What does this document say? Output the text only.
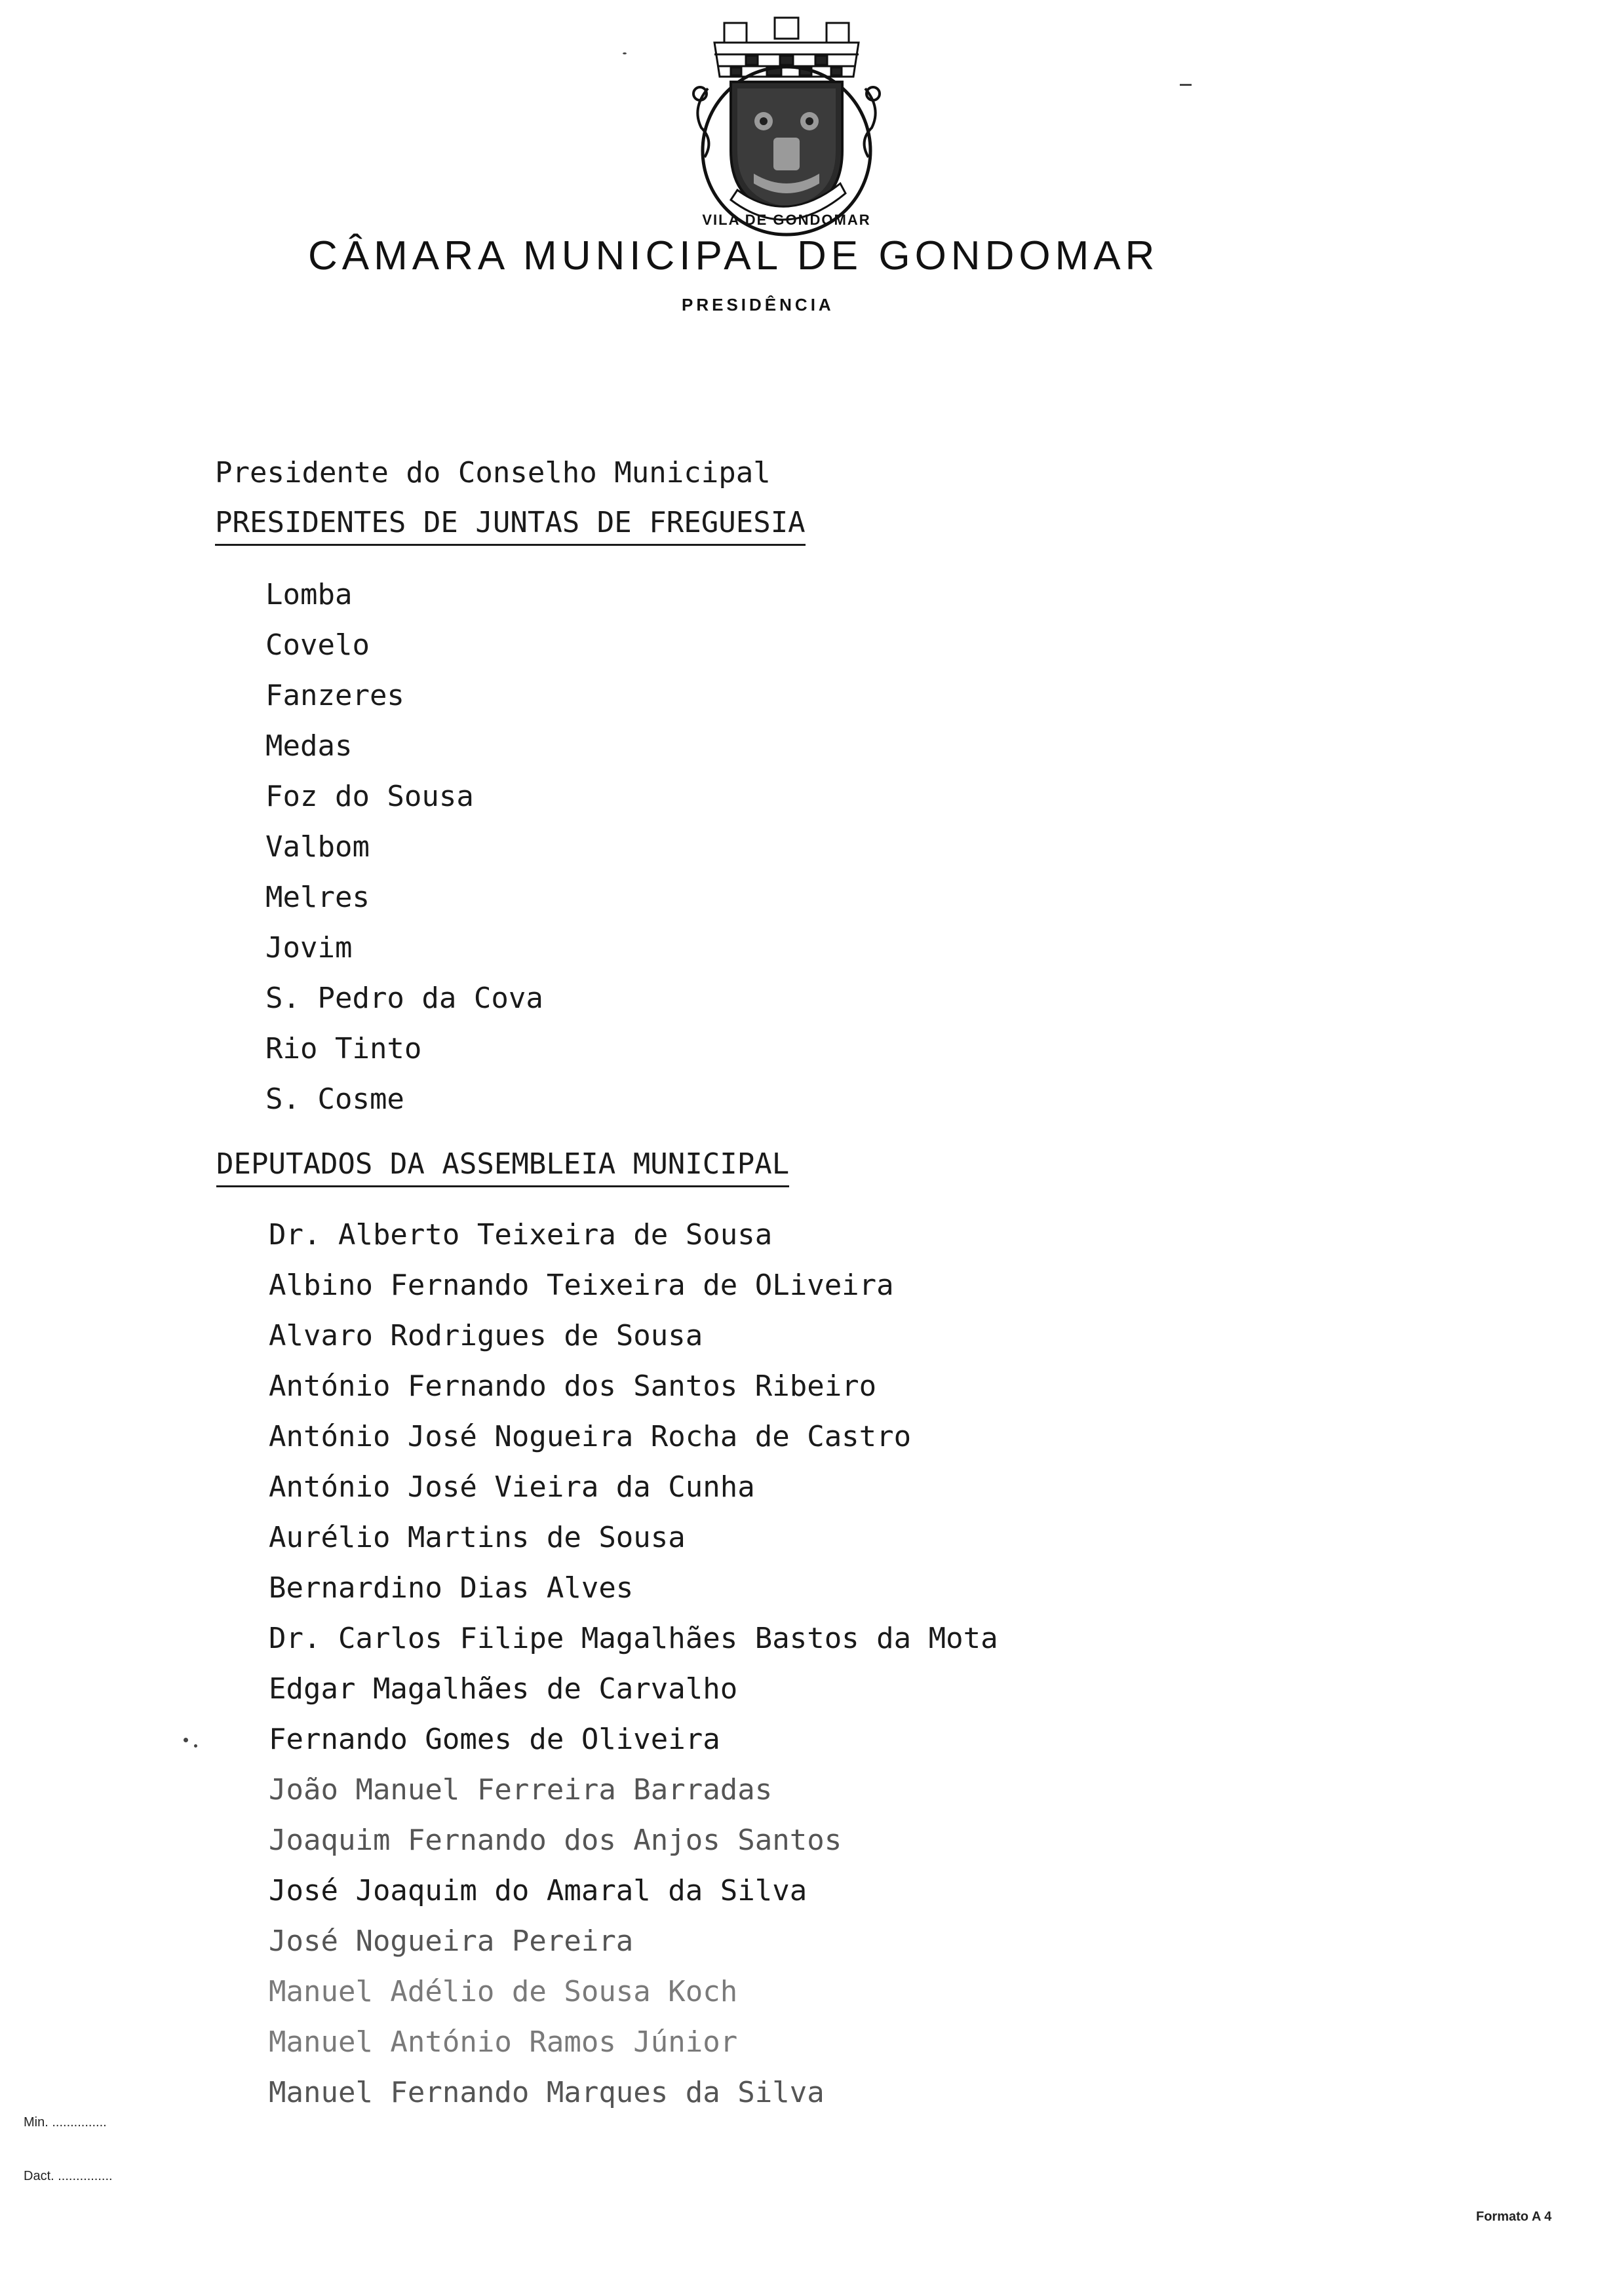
VILA DE GONDOMAR
CÂMARA MUNICIPAL DE GONDOMAR
PRESIDÊNCIA
Presidente do Conselho Municipal
PRESIDENTES DE JUNTAS DE FREGUESIA
Lomba
Covelo
Fanzeres
Medas
Foz do Sousa
Valbom
Melres
Jovim
S. Pedro da Cova
Rio Tinto
S. Cosme
DEPUTADOS DA ASSEMBLEIA MUNICIPAL
Dr. Alberto Teixeira de Sousa
Albino Fernando Teixeira de OLiveira
Alvaro Rodrigues de Sousa
António Fernando dos Santos Ribeiro
António José Nogueira Rocha de Castro
António José Vieira da Cunha
Aurélio Martins de Sousa
Bernardino Dias Alves
Dr. Carlos Filipe Magalhães Bastos da Mota
Edgar Magalhães de Carvalho
Fernando Gomes de Oliveira
João Manuel Ferreira Barradas
Joaquim Fernando dos Anjos Santos
José Joaquim do Amaral da Silva
José Nogueira Pereira
Manuel Adélio de Sousa Koch
Manuel António Ramos Júnior
Manuel Fernando Marques da Silva
Min. ...............
Dact. ...............
Formato A 4
